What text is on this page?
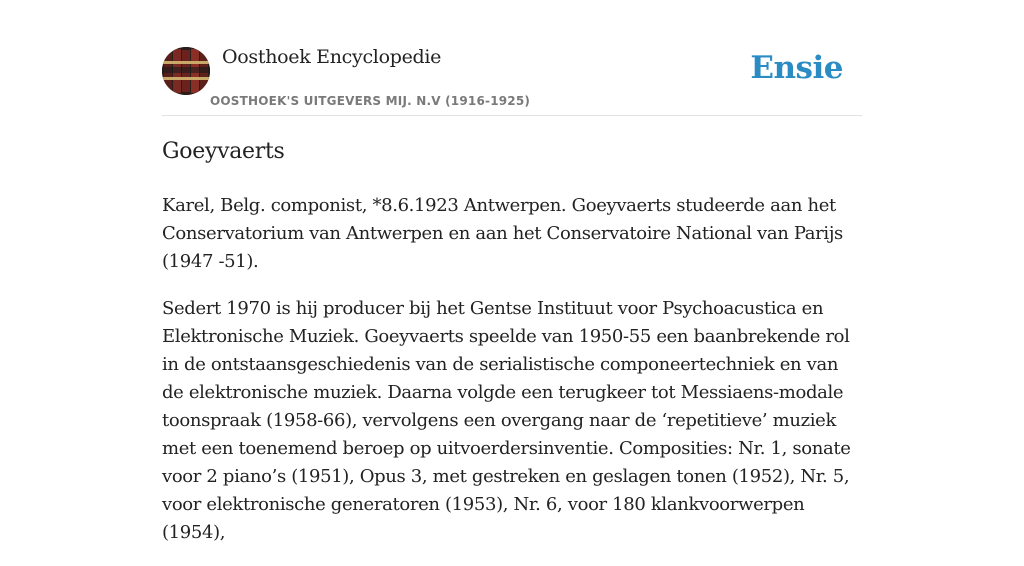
Oosthoek Encyclopedie
OOSTHOEK'S UITGEVERS MIJ. N.V (1916-1925)
Ensie
Goeyvaerts

Karel, Belg. componist, *8.6.1923 Antwerpen. Goeyvaerts studeerde aan het Conservatorium van Antwerpen en aan het Conservatoire National van Parijs (1947 -51).

Sedert 1970 is hij producer bij het Gentse Instituut voor Psychoacustica en Elektronische Muziek. Goeyvaerts speelde van 1950-55 een baanbrekende rol in de ontstaansgeschiedenis van de serialistische componeertechniek en van de elektronische muziek. Daarna volgde een terugkeer tot Messiaens-modale toonspraak (1958-66), vervolgens een overgang naar de ‘repetitieve’ muziek met een toenemend beroep op uitvoerdersinventie. Composities: Nr. 1, sonate voor 2 piano’s (1951), Opus 3, met gestreken en geslagen tonen (1952), Nr. 5, voor elektronische generatoren (1953), Nr. 6, voor 180 klankvoorwerpen (1954),
